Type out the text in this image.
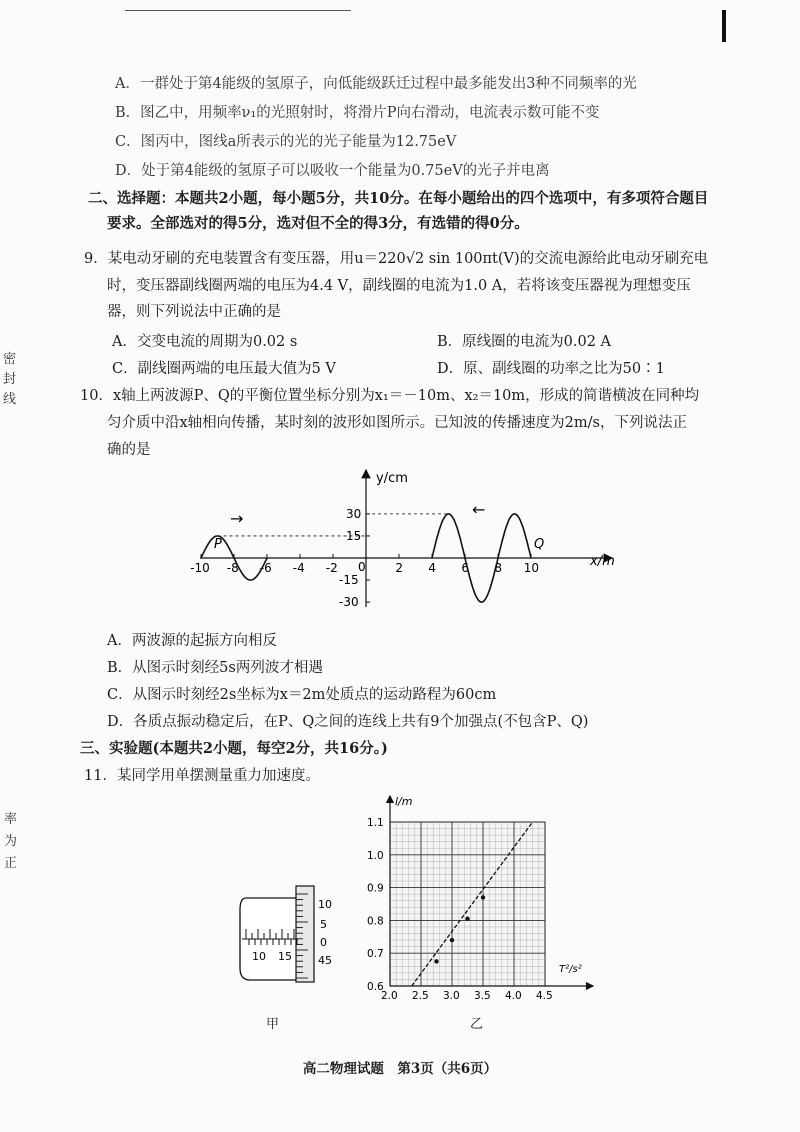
密
封
线
率
为
正
A．一群处于第4能级的氢原子，向低能级跃迁过程中最多能发出3种不同频率的光
B．图乙中，用频率ν₁的光照射时，将滑片P向右滑动，电流表示数可能不变
C．图丙中，图线a所表示的光的光子能量为12.75eV
D．处于第4能级的氢原子可以吸收一个能量为0.75eV的光子并电离
二、选择题：本题共2小题，每小题5分，共10分。在每小题给出的四个选项中，有多项符合题目
要求。全部选对的得5分，选对但不全的得3分，有选错的得0分。
9．某电动牙刷的充电装置含有变压器，用u＝220√2 sin 100πt(V)的交流电源给此电动牙刷充电
时，变压器副线圈两端的电压为4.4 V，副线圈的电流为1.0 A，若将该变压器视为理想变压
器，则下列说法中正确的是
A．交变电流的周期为0.02 s	B．原线圈的电流为0.02 A
C．副线圈两端的电压最大值为5 V	D．原、副线圈的功率之比为50∶1
10．x轴上两波源P、Q的平衡位置坐标分别为x₁＝－10m、x₂＝10m，形成的简谐横波在同种均
匀介质中沿x轴相向传播，某时刻的波形如图所示。已知波的传播速度为2m/s，下列说法正
确的是
y/cm
x/m
0
P	Q
→	←
-10 -8 -6 -4 -2	2 4 6 8 10
30
15
-15
-30
A．两波源的起振方向相反
B．从图示时刻经5s两列波才相遇
C．从图示时刻经2s坐标为x＝2m处质点的运动路程为60cm
D．各质点振动稳定后，在P、Q之间的连线上共有9个加强点(不包含P、Q)
三、实验题(本题共2小题，每空2分，共16分。)
11．某同学用单摆测量重力加速度。
10 15
10
5
0
45
甲
l/m
T²/s²
2.0 2.5 3.0 3.5 4.0 4.5
0.6
0.7
0.8
0.9
1.0
1.1
乙
高二物理试题　第3页（共6页）
